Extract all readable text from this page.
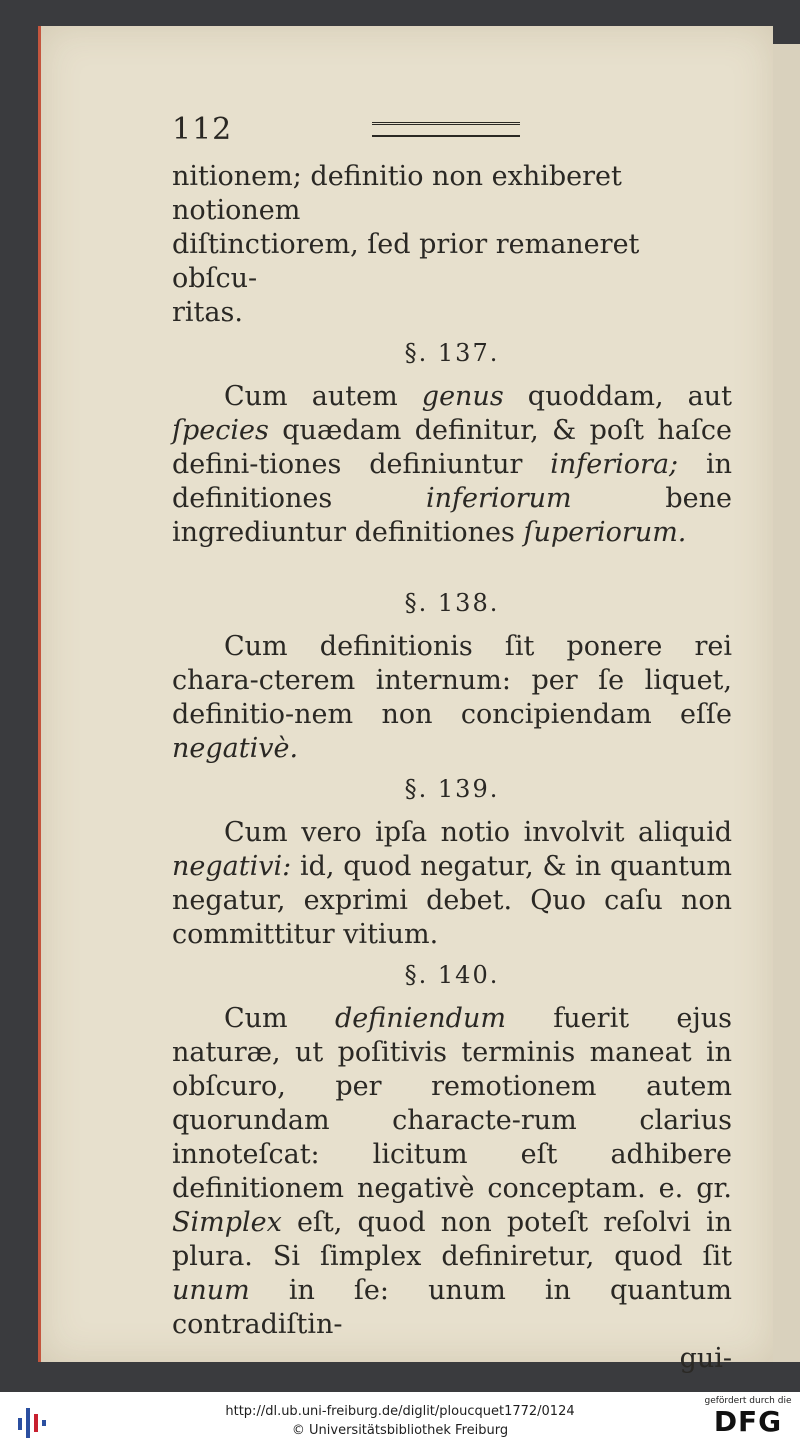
112
nitionem; definitio non exhiberet notionem
diſtinctiorem, ſed prior remaneret obſcu-
ritas.
§. 137.

Cum autem genus quoddam, aut ſpecies quædam definitur, & poſt haſce defini-tiones definiuntur inferiora; in definitiones inferiorum bene ingrediuntur definitiones ſuperiorum.

§. 138.

Cum definitionis ſit ponere rei chara-cterem internum: per ſe liquet, definitio-nem non concipiendam eſſe negativè.

§. 139.

Cum vero ipſa notio involvit aliquid negativi: id, quod negatur, & in quantum negatur, exprimi debet. Quo caſu non committitur vitium.

§. 140.

Cum definiendum fuerit ejus naturæ, ut poſitivis terminis maneat in obſcuro, per remotionem autem quorundam characte-rum clarius innoteſcat: licitum eſt adhibere definitionem negativè conceptam. e. gr. Simplex eſt, quod non poteſt reſolvi in plura. Si ſimplex definiretur, quod ſit unum in ſe: unum in quantum contradiſtin-

gui-
http://dl.ub.uni-freiburg.de/diglit/ploucquet1772/0124
© Universitätsbibliothek Freiburg
gefördert durch die
DFG
